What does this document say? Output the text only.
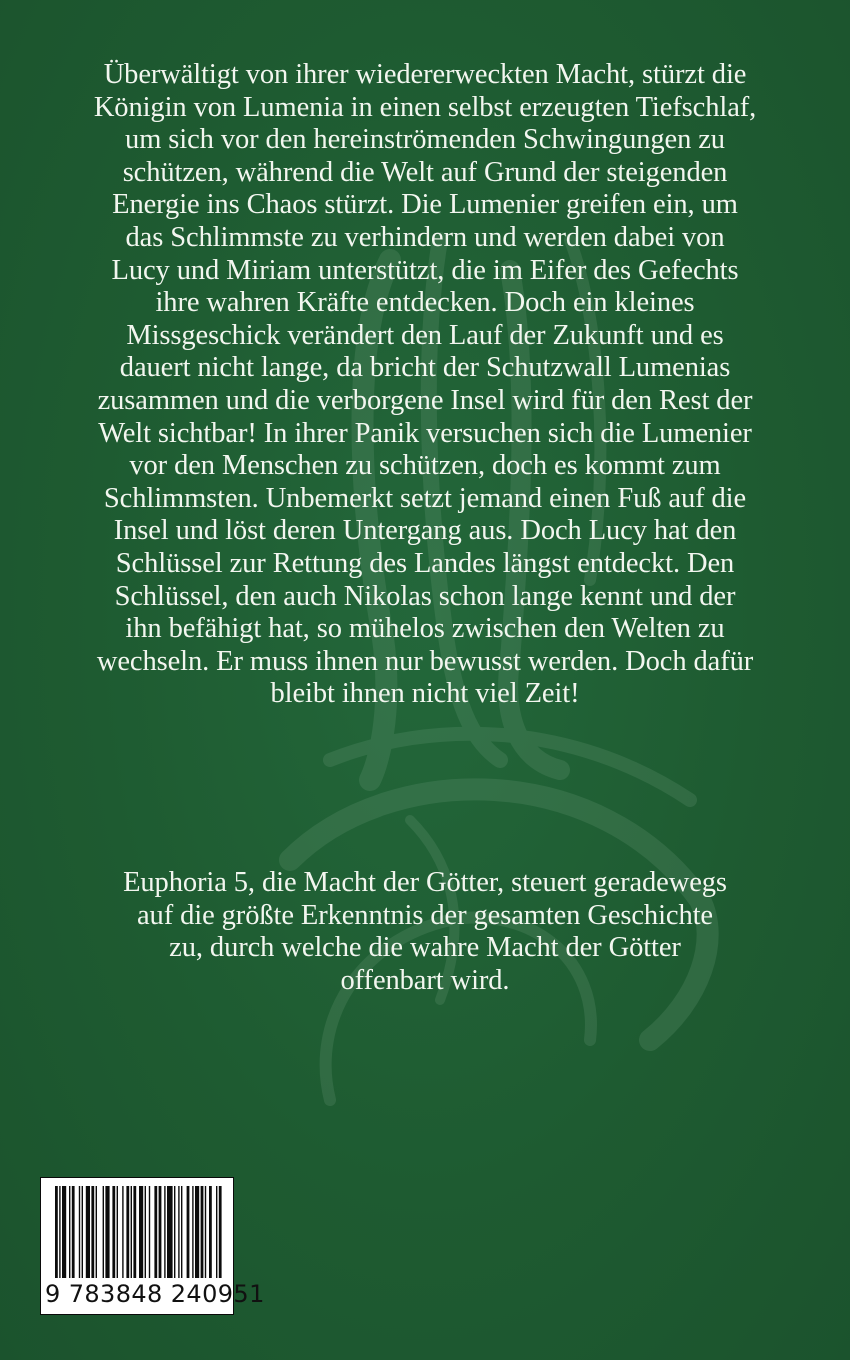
Überwältigt von ihrer wiedererweckten Macht, stürzt die

Königin von Lumenia in einen selbst erzeugten Tiefschlaf,

um sich vor den hereinströmenden Schwingungen zu

schützen, während die Welt auf Grund der steigenden

Energie ins Chaos stürzt. Die Lumenier greifen ein, um

das Schlimmste zu verhindern und werden dabei von

Lucy und Miriam unterstützt, die im Eifer des Gefechts

ihre wahren Kräfte entdecken. Doch ein kleines

Missgeschick verändert den Lauf der Zukunft und es

dauert nicht lange, da bricht der Schutzwall Lumenias

zusammen und die verborgene Insel wird für den Rest der

Welt sichtbar! In ihrer Panik versuchen sich die Lumenier

vor den Menschen zu schützen, doch es kommt zum

Schlimmsten. Unbemerkt setzt jemand einen Fuß auf die

Insel und löst deren Untergang aus. Doch Lucy hat den

Schlüssel zur Rettung des Landes längst entdeckt. Den

Schlüssel, den auch Nikolas schon lange kennt und der

ihn befähigt hat, so mühelos zwischen den Welten zu

wechseln. Er muss ihnen nur bewusst werden. Doch dafür

bleibt ihnen nicht viel Zeit!

Euphoria 5, die Macht der Götter, steuert geradewegs

auf die größte Erkenntnis der gesamten Geschichte

zu, durch welche die wahre Macht der Götter

offenbart wird.

9 783848 240951
